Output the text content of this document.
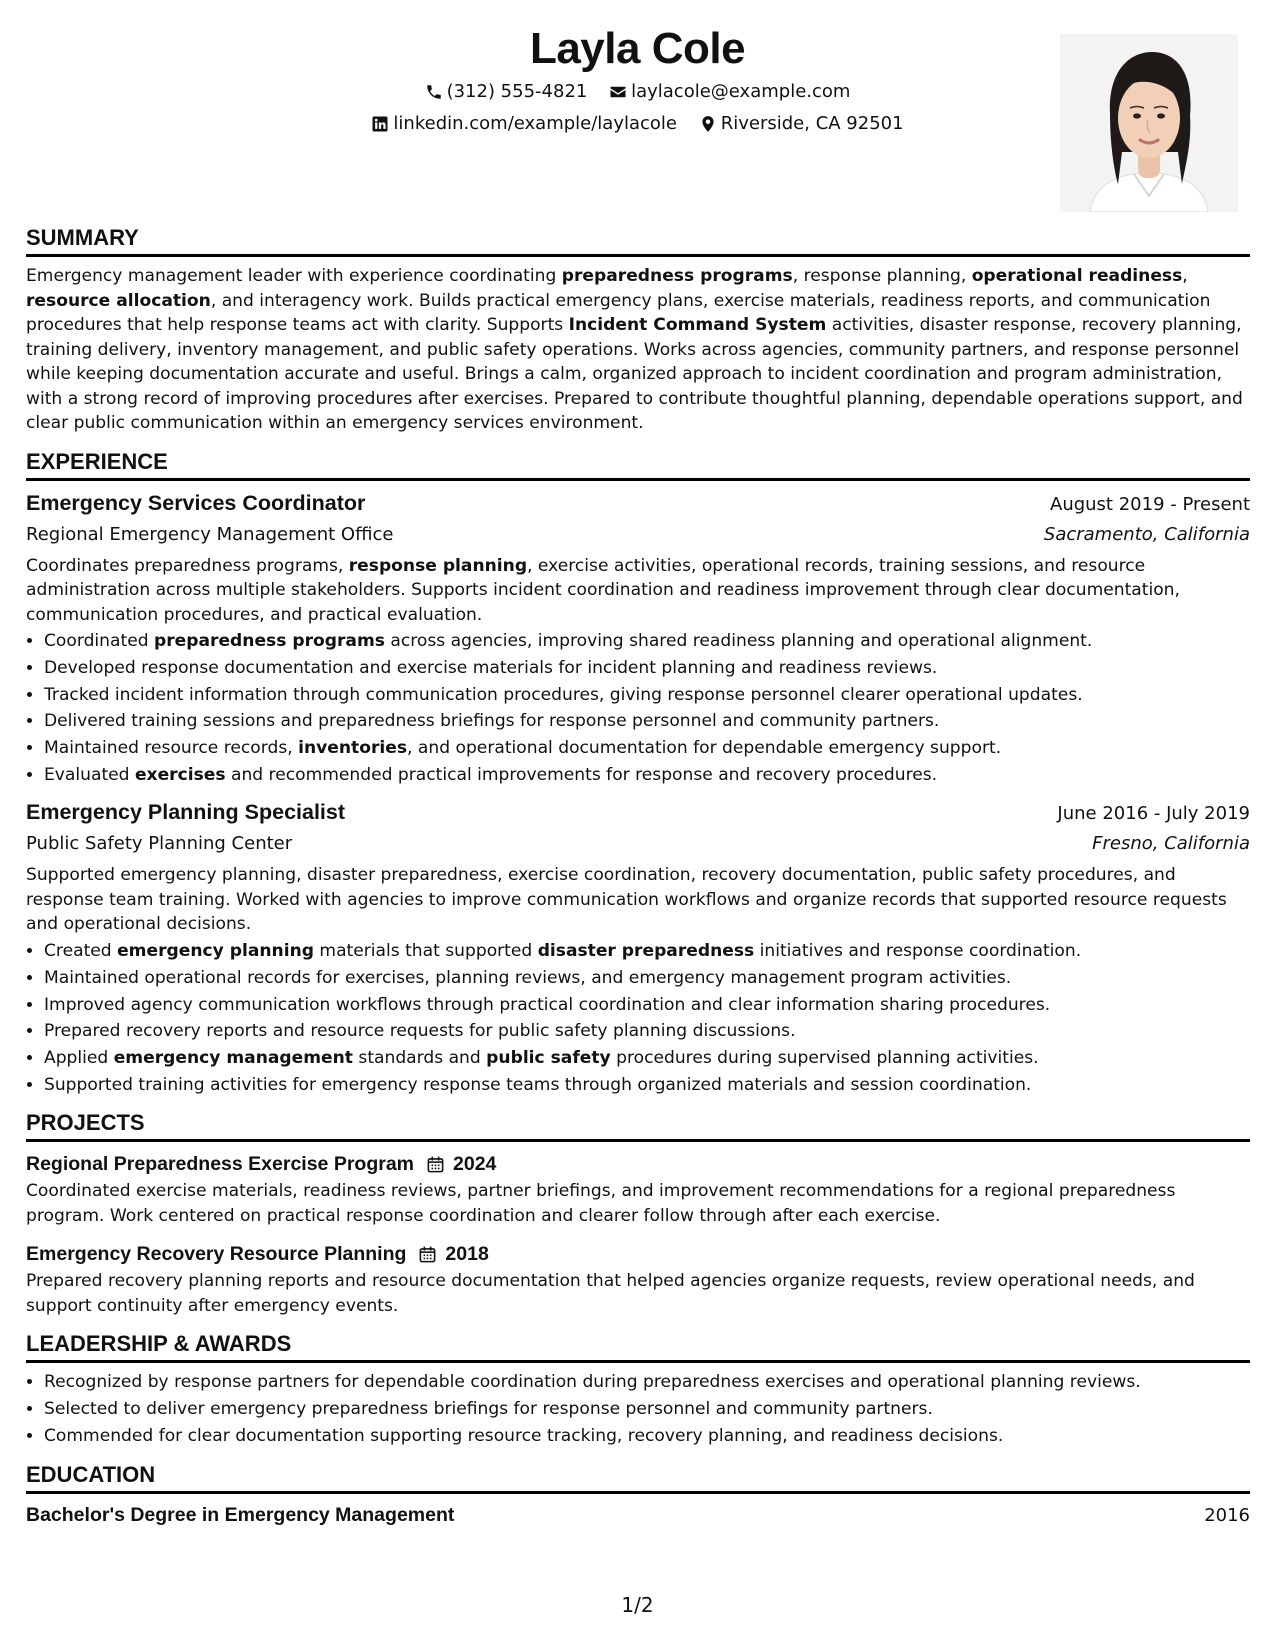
Layla Cole
(312) 555-4821
laylacole@example.com
linkedin.com/example/laylacole
Riverside, CA 92501
SUMMARY

Emergency management leader with experience coordinating preparedness programs, response planning, operational readiness, resource allocation, and interagency work. Builds practical emergency plans, exercise materials, readiness reports, and communication procedures that help response teams act with clarity. Supports Incident Command System activities, disaster response, recovery planning, training delivery, inventory management, and public safety operations. Works across agencies, community partners, and response personnel while keeping documentation accurate and useful. Brings a calm, organized approach to incident coordination and program administration, with a strong record of improving procedures after exercises. Prepared to contribute thoughtful planning, dependable operations support, and clear public communication within an emergency services environment.

EXPERIENCE
Emergency Services Coordinator	August 2019 - Present
Regional Emergency Management Office	Sacramento, California

Coordinates preparedness programs, response planning, exercise activities, operational records, training sessions, and resource administration across multiple stakeholders. Supports incident coordination and readiness improvement through clear documentation, communication procedures, and practical evaluation.

• Coordinated preparedness programs across agencies, improving shared readiness planning and operational alignment.
• Developed response documentation and exercise materials for incident planning and readiness reviews.
• Tracked incident information through communication procedures, giving response personnel clearer operational updates.
• Delivered training sessions and preparedness briefings for response personnel and community partners.
• Maintained resource records, inventories, and operational documentation for dependable emergency support.
• Evaluated exercises and recommended practical improvements for response and recovery procedures.
Emergency Planning Specialist	June 2016 - July 2019
Public Safety Planning Center	Fresno, California

Supported emergency planning, disaster preparedness, exercise coordination, recovery documentation, public safety procedures, and response team training. Worked with agencies to improve communication workflows and organize records that supported resource requests and operational decisions.

• Created emergency planning materials that supported disaster preparedness initiatives and response coordination.
• Maintained operational records for exercises, planning reviews, and emergency management program activities.
• Improved agency communication workflows through practical coordination and clear information sharing procedures.
• Prepared recovery reports and resource requests for public safety planning discussions.
• Applied emergency management standards and public safety procedures during supervised planning activities.
• Supported training activities for emergency response teams through organized materials and session coordination.
PROJECTS
Regional Preparedness Exercise Program 2024

Coordinated exercise materials, readiness reviews, partner briefings, and improvement recommendations for a regional preparedness program. Work centered on practical response coordination and clearer follow through after each exercise.

Emergency Recovery Resource Planning 2018

Prepared recovery planning reports and resource documentation that helped agencies organize requests, review operational needs, and support continuity after emergency events.

LEADERSHIP & AWARDS
• Recognized by response partners for dependable coordination during preparedness exercises and operational planning reviews.
• Selected to deliver emergency preparedness briefings for response personnel and community partners.
• Commended for clear documentation supporting resource tracking, recovery planning, and readiness decisions.
EDUCATION
Bachelor's Degree in Emergency Management	2016
1/2
